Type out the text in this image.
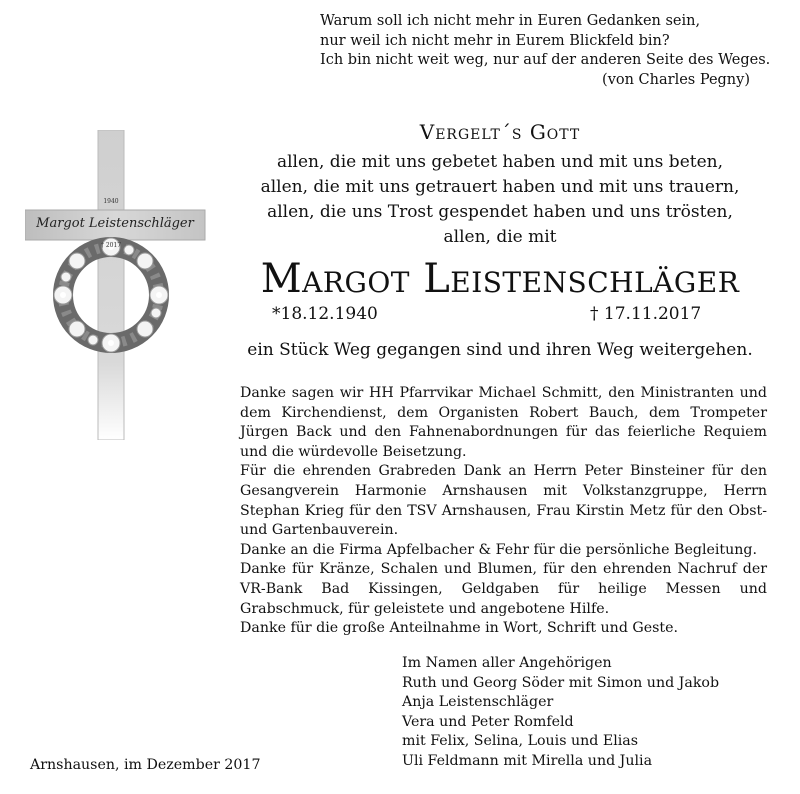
1940
Margot Leistenschläger
† 2017
Warum soll ich nicht mehr in Euren Gedanken sein,
nur weil ich nicht mehr in Eurem Blickfeld bin?
Ich bin nicht weit weg, nur auf der anderen Seite des Weges.
(von Charles Pegny)
Vergelt´s Gott
allen, die mit uns gebetet haben und mit uns beten,
allen, die mit uns getrauert haben und mit uns trauern,
allen, die uns Trost gespendet haben und uns trösten,
allen, die mit
Margot Leistenschläger
*18.12.1940	† 17.11.2017
ein Stück Weg gegangen sind und ihren Weg weitergehen.

Danke sagen wir HH Pfarrvikar Michael Schmitt, den Ministranten und dem Kirchendienst, dem Organisten Robert Bauch, dem Trompeter Jürgen Back und den Fahnenabordnungen für das feierliche Requiem und die würdevolle Beisetzung.

Für die ehrenden Grabreden Dank an Herrn Peter Binsteiner für den Gesangverein Harmonie Arnshausen mit Volkstanzgruppe, Herrn Stephan Krieg für den TSV Arnshausen, Frau Kirstin Metz für den Obst- und Gartenbauverein.

Danke an die Firma Apfelbacher & Fehr für die persönliche Begleitung.

Danke für Kränze, Schalen und Blumen, für den ehrenden Nachruf der VR-Bank Bad Kissingen, Geldgaben für heilige Messen und Grabschmuck, für geleistete und angebotene Hilfe.

Danke für die große Anteilnahme in Wort, Schrift und Geste.

Im Namen aller Angehörigen
Ruth und Georg Söder mit Simon und Jakob
Anja Leistenschläger
Vera und Peter Romfeld
mit Felix, Selina, Louis und Elias
Uli Feldmann mit Mirella und Julia
Arnshausen, im Dezember 2017
